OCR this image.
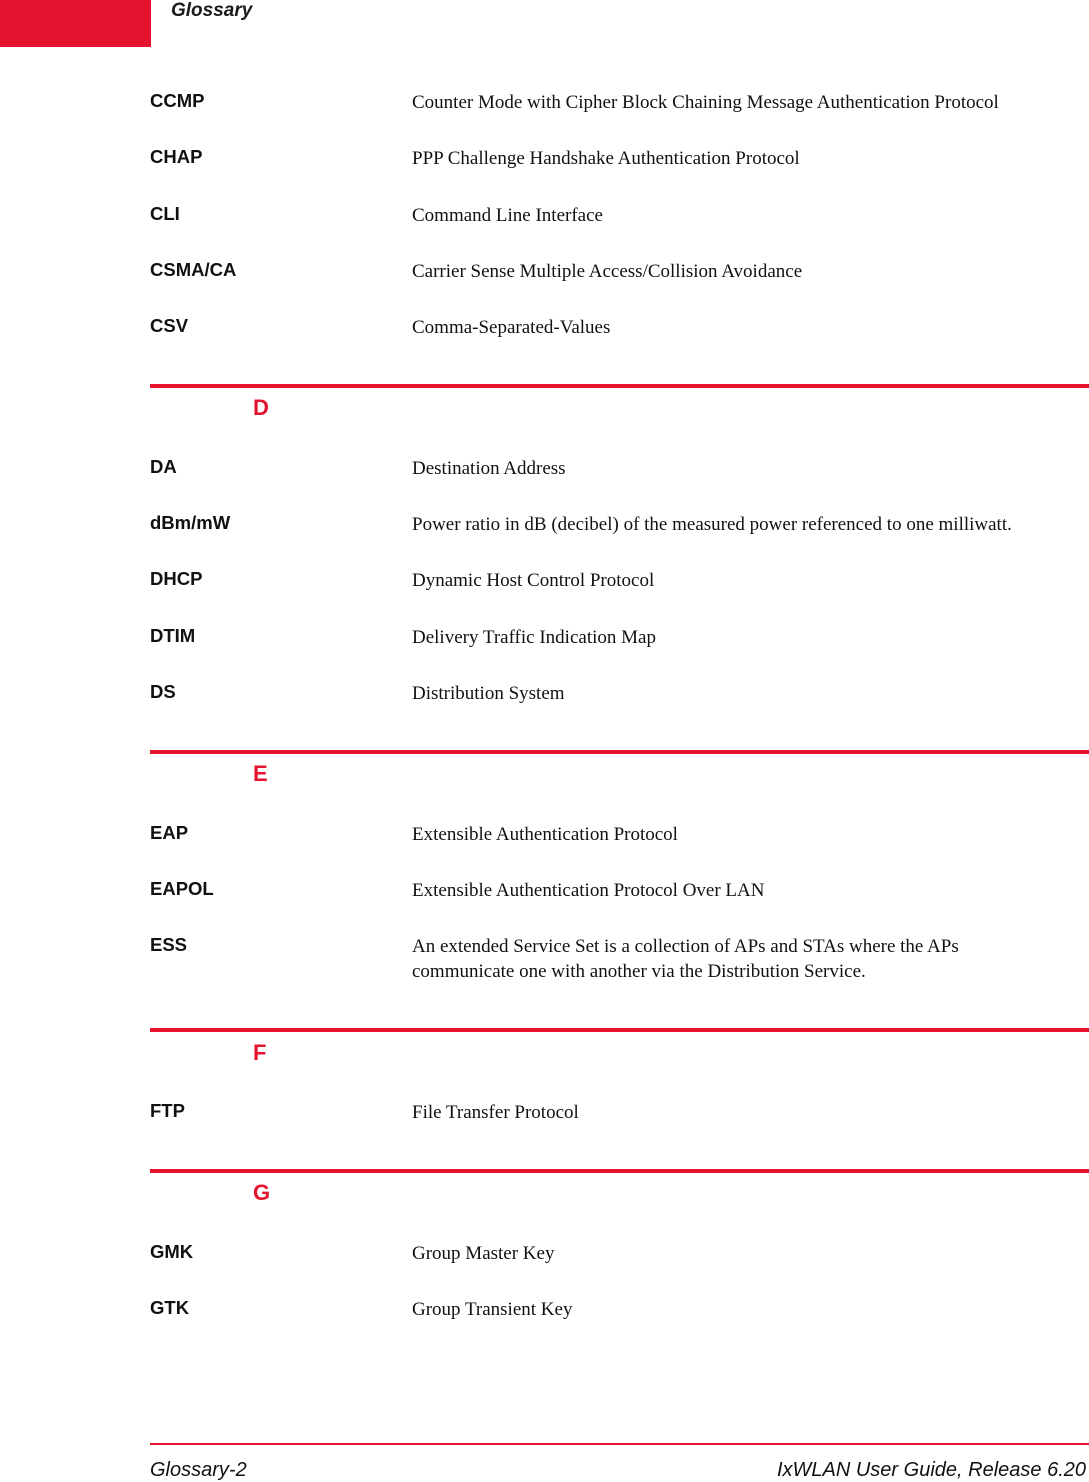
Glossary
CCMP	Counter Mode with Cipher Block Chaining Message Authentication Protocol
CHAP	PPP Challenge Handshake Authentication Protocol
CLI	Command Line Interface
CSMA/CA	Carrier Sense Multiple Access/Collision Avoidance
CSV	Comma-Separated-Values
D
DA	Destination Address
dBm/mW	Power ratio in dB (decibel) of the measured power referenced to one milliwatt.
DHCP	Dynamic Host Control Protocol
DTIM	Delivery Traffic Indication Map
DS	Distribution System
E
EAP	Extensible Authentication Protocol
EAPOL	Extensible Authentication Protocol Over LAN
ESS	An extended Service Set is a collection of APs and STAs where the APs communicate one with another via the Distribution Service.
F
FTP	File Transfer Protocol
G
GMK	Group Master Key
GTK	Group Transient Key
Glossary-2	IxWLAN User Guide, Release 6.20
